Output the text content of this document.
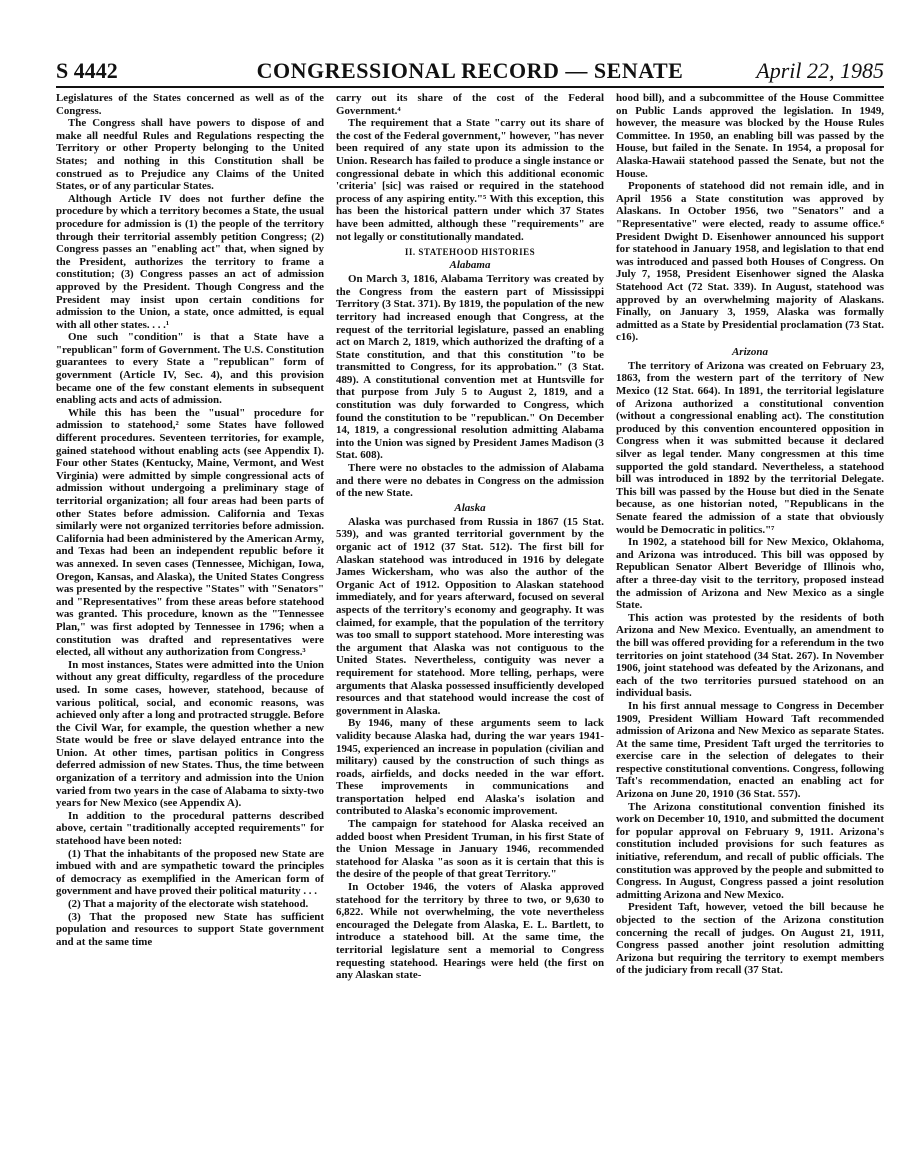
S 4442	CONGRESSIONAL RECORD — SENATE	April 22, 1985

Legislatures of the States concerned as well as of the Congress.

The Congress shall have powers to dispose of and make all needful Rules and Regulations respecting the Territory or other Property belonging to the United States; and nothing in this Constitution shall be construed as to Prejudice any Claims of the United States, or of any particular States.

Although Article IV does not further define the procedure by which a territory becomes a State, the usual procedure for admission is (1) the people of the territory through their territorial assembly petition Congress; (2) Congress passes an "enabling act" that, when signed by the President, authorizes the territory to frame a constitution; (3) Congress passes an act of admission approved by the President. Though Congress and the President may insist upon certain conditions for admission to the Union, a state, once admitted, is equal with all other states. . . .¹

One such "condition" is that a State have a "republican" form of Government. The U.S. Constitution guarantees to every State a "republican" form of government (Article IV, Sec. 4), and this provision became one of the few constant elements in subsequent enabling acts and acts of admission.

While this has been the "usual" procedure for admission to statehood,² some States have followed different procedures. Seventeen territories, for example, gained statehood without enabling acts (see Appendix I). Four other States (Kentucky, Maine, Vermont, and West Virginia) were admitted by simple congressional acts of admission without undergoing a preliminary stage of territorial organization; all four areas had been parts of other States before admission. California and Texas similarly were not organized territories before admission. California had been administered by the American Army, and Texas had been an independent republic before it was annexed. In seven cases (Tennessee, Michigan, Iowa, Oregon, Kansas, and Alaska), the United States Congress was presented by the respective "States" with "Senators" and "Representatives" from these areas before statehood was granted. This procedure, known as the "Tennessee Plan," was first adopted by Tennessee in 1796; when a constitution was drafted and representatives were elected, all without any authorization from Congress.³

In most instances, States were admitted into the Union without any great difficulty, regardless of the procedure used. In some cases, however, statehood, because of various political, social, and economic reasons, was achieved only after a long and protracted struggle. Before the Civil War, for example, the question whether a new State would be free or slave delayed entrance into the Union. At other times, partisan politics in Congress deferred admission of new States. Thus, the time between organization of a territory and admission into the Union varied from two years in the case of Alabama to sixty-two years for New Mexico (see Appendix A).

In addition to the procedural patterns described above, certain "traditionally accepted requirements" for statehood have been noted:

(1) That the inhabitants of the proposed new State are imbued with and are sympathetic toward the principles of democracy as exemplified in the American form of government and have proved their political maturity . . .

(2) That a majority of the electorate wish statehood.

(3) That the proposed new State has sufficient population and resources to support State government and at the same time

carry out its share of the cost of the Federal Government.⁴

The requirement that a State "carry out its share of the cost of the Federal government," however, "has never been required of any state upon its admission to the Union. Research has failed to produce a single instance or congressional debate in which this additional economic 'criteria' [sic] was raised or required in the statehood process of any aspiring entity."⁵ With this exception, this has been the historical pattern under which 37 States have been admitted, although these "requirements" are not legally or constitutionally mandated.

II. STATEHOOD HISTORIES
Alabama

On March 3, 1816, Alabama Territory was created by the Congress from the eastern part of Mississippi Territory (3 Stat. 371). By 1819, the population of the new territory had increased enough that Congress, at the request of the territorial legislature, passed an enabling act on March 2, 1819, which authorized the drafting of a State constitution, and that this constitution "to be transmitted to Congress, for its approbation." (3 Stat. 489). A constitutional convention met at Huntsville for that purpose from July 5 to August 2, 1819, and a constitution was duly forwarded to Congress, which found the constitution to be "republican." On December 14, 1819, a congressional resolution admitting Alabama into the Union was signed by President James Madison (3 Stat. 608).

There were no obstacles to the admission of Alabama and there were no debates in Congress on the admission of the new State.

Alaska

Alaska was purchased from Russia in 1867 (15 Stat. 539), and was granted territorial government by the organic act of 1912 (37 Stat. 512). The first bill for Alaskan statehood was introduced in 1916 by delegate James Wickersham, who was also the author of the Organic Act of 1912. Opposition to Alaskan statehood immediately, and for years afterward, focused on several aspects of the territory's economy and geography. It was claimed, for example, that the population of the territory was too small to support statehood. More interesting was the argument that Alaska was not contiguous to the United States. Nevertheless, contiguity was never a requirement for statehood. More telling, perhaps, were arguments that Alaska possessed insufficiently developed resources and that statehood would increase the cost of government in Alaska.

By 1946, many of these arguments seem to lack validity because Alaska had, during the war years 1941-1945, experienced an increase in population (civilian and military) caused by the construction of such things as roads, airfields, and docks needed in the war effort. These improvements in communications and transportation helped end Alaska's isolation and contributed to Alaska's economic improvement.

The campaign for statehood for Alaska received an added boost when President Truman, in his first State of the Union Message in January 1946, recommended statehood for Alaska "as soon as it is certain that this is the desire of the people of that great Territory."

In October 1946, the voters of Alaska approved statehood for the territory by three to two, or 9,630 to 6,822. While not overwhelming, the vote nevertheless encouraged the Delegate from Alaska, E. L. Bartlett, to introduce a statehood bill. At the same time, the territorial legislature sent a memorial to Congress requesting statehood. Hearings were held (the first on any Alaskan state-

hood bill), and a subcommittee of the House Committee on Public Lands approved the legislation. In 1949, however, the measure was blocked by the House Rules Committee. In 1950, an enabling bill was passed by the House, but failed in the Senate. In 1954, a proposal for Alaska-Hawaii statehood passed the Senate, but not the House.

Proponents of statehood did not remain idle, and in April 1956 a State constitution was approved by Alaskans. In October 1956, two "Senators" and a "Representative" were elected, ready to assume office.⁶ President Dwight D. Eisenhower announced his support for statehood in January 1958, and legislation to that end was introduced and passed both Houses of Congress. On July 7, 1958, President Eisenhower signed the Alaska Statehood Act (72 Stat. 339). In August, statehood was approved by an overwhelming majority of Alaskans. Finally, on January 3, 1959, Alaska was formally admitted as a State by Presidential proclamation (73 Stat. c16).

Arizona

The territory of Arizona was created on February 23, 1863, from the western part of the territory of New Mexico (12 Stat. 664). In 1891, the territorial legislature of Arizona authorized a constitutional convention (without a congressional enabling act). The constitution produced by this convention encountered opposition in Congress when it was submitted because it declared silver as legal tender. Many congressmen at this time supported the gold standard. Nevertheless, a statehood bill was introduced in 1892 by the territorial Delegate. This bill was passed by the House but died in the Senate because, as one historian noted, "Republicans in the Senate feared the admission of a state that obviously would be Democratic in politics."⁷

In 1902, a statehood bill for New Mexico, Oklahoma, and Arizona was introduced. This bill was opposed by Republican Senator Albert Beveridge of Illinois who, after a three-day visit to the territory, proposed instead the admission of Arizona and New Mexico as a single State.

This action was protested by the residents of both Arizona and New Mexico. Eventually, an amendment to the bill was offered providing for a referendum in the two territories on joint statehood (34 Stat. 267). In November 1906, joint statehood was defeated by the Arizonans, and each of the two territories pursued statehood on an individual basis.

In his first annual message to Congress in December 1909, President William Howard Taft recommended admission of Arizona and New Mexico as separate States. At the same time, President Taft urged the territories to exercise care in the selection of delegates to their respective constitutional conventions. Congress, following Taft's recommendation, enacted an enabling act for Arizona on June 20, 1910 (36 Stat. 557).

The Arizona constitutional convention finished its work on December 10, 1910, and submitted the document for popular approval on February 9, 1911. Arizona's constitution included provisions for such features as initiative, referendum, and recall of public officials. The constitution was approved by the people and submitted to Congress. In August, Congress passed a joint resolution admitting Arizona and New Mexico.

President Taft, however, vetoed the bill because he objected to the section of the Arizona constitution concerning the recall of judges. On August 21, 1911, Congress passed another joint resolution admitting Arizona but requiring the territory to exempt members of the judiciary from recall (37 Stat.
